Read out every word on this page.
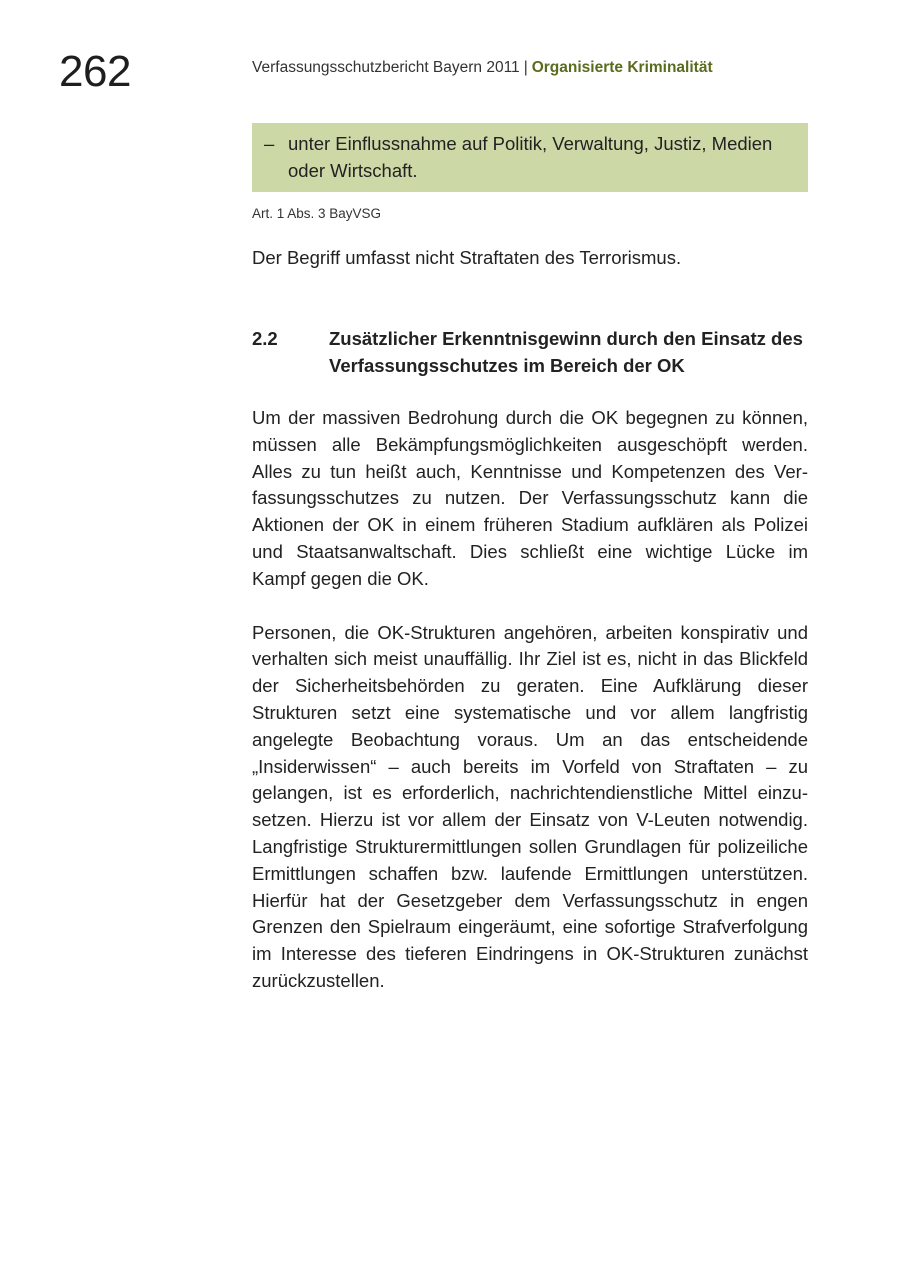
262	Verfassungsschutzbericht Bayern 2011 | Organisierte Kriminalität
– unter Einflussnahme auf Politik, Verwaltung, Justiz, Medien oder Wirtschaft.
Art. 1 Abs. 3 BayVSG
Der Begriff umfasst nicht Straftaten des Terrorismus.
2.2	Zusätzlicher Erkenntnisgewinn durch den Einsatz des Verfassungsschutzes im Bereich der OK

Um der massiven Bedrohung durch die OK begegnen zu können, müssen alle Bekämpfungsmöglichkeiten ausgeschöpft werden. Alles zu tun heißt auch, Kenntnisse und Kompetenzen des Verfassungsschutzes zu nutzen. Der Verfassungsschutz kann die Aktionen der OK in einem früheren Stadium aufklären als Polizei und Staatsanwaltschaft. Dies schließt eine wichtige Lücke im Kampf gegen die OK.

Personen, die OK-Strukturen angehören, arbeiten konspirativ und verhalten sich meist unauffällig. Ihr Ziel ist es, nicht in das Blickfeld der Sicherheitsbehörden zu geraten. Eine Aufklärung dieser Strukturen setzt eine systematische und vor allem langfristig angelegte Beobachtung voraus. Um an das entscheidende „Insiderwissen“ – auch bereits im Vorfeld von Straftaten – zu gelangen, ist es erforderlich, nachrichtendienstliche Mittel einzusetzen. Hierzu ist vor allem der Einsatz von V-Leuten notwendig. Langfristige Strukturermittlungen sollen Grundlagen für polizeiliche Ermittlungen schaffen bzw. laufende Ermittlungen unterstützen. Hierfür hat der Gesetzgeber dem Verfassungsschutz in engen Grenzen den Spielraum eingeräumt, eine sofortige Strafverfolgung im Interesse des tieferen Eindringens in OK-Strukturen zunächst zurückzustellen.
